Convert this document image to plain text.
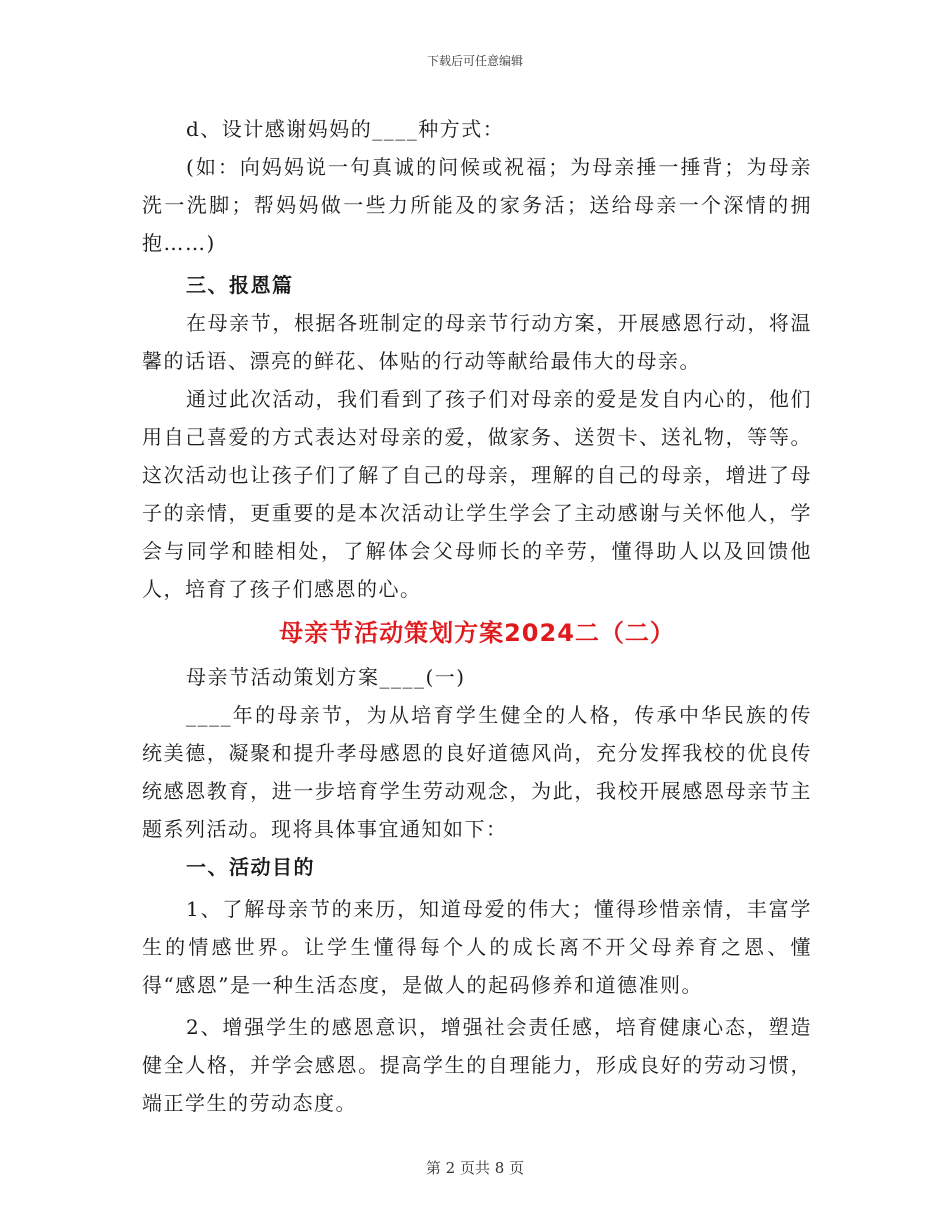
下载后可任意编辑

d、设计感谢妈妈的____种方式：

(如：向妈妈说一句真诚的问候或祝福；为母亲捶一捶背；为母亲洗一洗脚；帮妈妈做一些力所能及的家务活；送给母亲一个深情的拥抱……)

三、报恩篇

在母亲节，根据各班制定的母亲节行动方案，开展感恩行动，将温馨的话语、漂亮的鲜花、体贴的行动等献给最伟大的母亲。

通过此次活动，我们看到了孩子们对母亲的爱是发自内心的，他们用自己喜爱的方式表达对母亲的爱，做家务、送贺卡、送礼物，等等。这次活动也让孩子们了解了自己的母亲，理解的自己的母亲，增进了母子的亲情，更重要的是本次活动让学生学会了主动感谢与关怀他人，学会与同学和睦相处，了解体会父母师长的辛劳，懂得助人以及回馈他人，培育了孩子们感恩的心。

母亲节活动策划方案2024二（二）

母亲节活动策划方案____(一)

____年的母亲节，为从培育学生健全的人格，传承中华民族的传统美德，凝聚和提升孝母感恩的良好道德风尚，充分发挥我校的优良传统感恩教育，进一步培育学生劳动观念，为此，我校开展感恩母亲节主题系列活动。现将具体事宜通知如下：

一、活动目的

1、了解母亲节的来历，知道母爱的伟大；懂得珍惜亲情，丰富学生的情感世界。让学生懂得每个人的成长离不开父母养育之恩、懂得“感恩”是一种生活态度，是做人的起码修养和道德准则。

2、增强学生的感恩意识，增强社会责任感，培育健康心态，塑造健全人格，并学会感恩。提高学生的自理能力，形成良好的劳动习惯，端正学生的劳动态度。

第 2 页共 8 页
